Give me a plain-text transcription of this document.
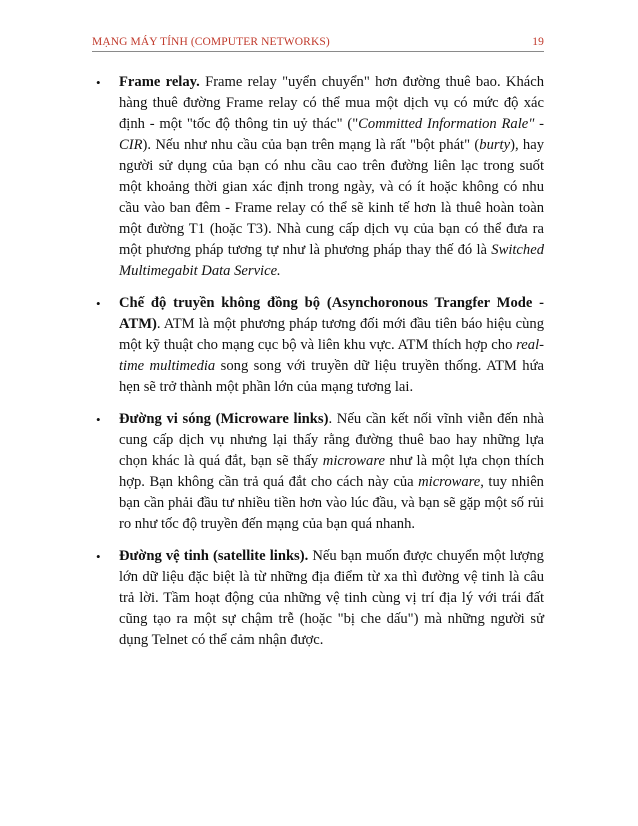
MẠNG MÁY TÍNH (COMPUTER NETWORKS)	19
• Frame relay. Frame relay "uyển chuyển" hơn đường thuê bao. Khách hàng thuê đường Frame relay có thể mua một dịch vụ có mức độ xác định - một "tốc độ thông tin uỷ thác" ("Committed Information Rale" - CIR). Nếu như nhu cầu của bạn trên mạng là rất "bột phát" (burty), hay người sử dụng của bạn có nhu cầu cao trên đường liên lạc trong suốt một khoảng thời gian xác định trong ngày, và có ít hoặc không có nhu cầu vào ban đêm - Frame relay có thể sẽ kinh tế hơn là thuê hoàn toàn một đường T1 (hoặc T3). Nhà cung cấp dịch vụ của bạn có thể đưa ra một phương pháp tương tự như là phương pháp thay thế đó là Switched Multimegabit Data Service.
• Chế độ truyền không đồng bộ (Asynchoronous Trangfer Mode - ATM). ATM là một phương pháp tương đối mới đầu tiên báo hiệu cùng một kỹ thuật cho mạng cục bộ và liên khu vực. ATM thích hợp cho real-time multimedia song song với truyền dữ liệu truyền thống. ATM hứa hẹn sẽ trở thành một phần lớn của mạng tương lai.
• Đường vi sóng (Microware links). Nếu cần kết nối vĩnh viễn đến nhà cung cấp dịch vụ nhưng lại thấy rằng đường thuê bao hay những lựa chọn khác là quá đắt, bạn sẽ thấy microware như là một lựa chọn thích hợp. Bạn không cần trả quá đắt cho cách này của microware, tuy nhiên bạn cần phải đầu tư nhiều tiền hơn vào lúc đầu, và bạn sẽ gặp một số rủi ro như tốc độ truyền đến mạng của bạn quá nhanh.
• Đường vệ tinh (satellite links). Nếu bạn muốn được chuyển một lượng lớn dữ liệu đặc biệt là từ những địa điểm từ xa thì đường vệ tinh là câu trả lời. Tầm hoạt động của những vệ tinh cùng vị trí địa lý với trái đất cũng tạo ra một sự chậm trễ (hoặc "bị che dấu") mà những người sử dụng Telnet có thể cảm nhận được.
